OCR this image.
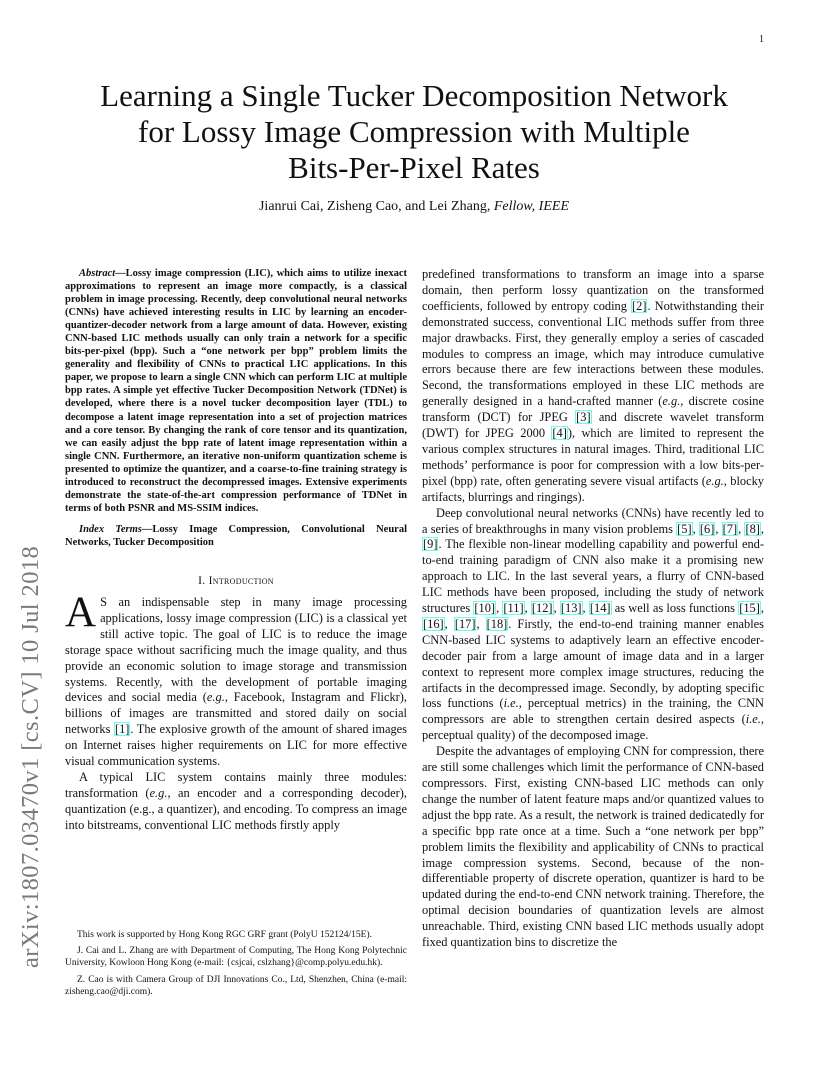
1
arXiv:1807.03470v1 [cs.CV] 10 Jul 2018
Learning a Single Tucker Decomposition Network
for Lossy Image Compression with Multiple
Bits-Per-Pixel Rates
Jianrui Cai, Zisheng Cao, and Lei Zhang, Fellow, IEEE

Abstract—Lossy image compression (LIC), which aims to utilize inexact approximations to represent an image more compactly, is a classical problem in image processing. Recently, deep convolutional neural networks (CNNs) have achieved interesting results in LIC by learning an encoder-quantizer-decoder network from a large amount of data. However, existing CNN-based LIC methods usually can only train a network for a specific bits-per-pixel (bpp). Such a “one network per bpp” problem limits the generality and flexibility of CNNs to practical LIC applications. In this paper, we propose to learn a single CNN which can perform LIC at multiple bpp rates. A simple yet effective Tucker Decomposition Network (TDNet) is developed, where there is a novel tucker decomposition layer (TDL) to decompose a latent image representation into a set of projection matrices and a core tensor. By changing the rank of core tensor and its quantization, we can easily adjust the bpp rate of latent image representation within a single CNN. Furthermore, an iterative non-uniform quantization scheme is presented to optimize the quantizer, and a coarse-to-fine training strategy is introduced to reconstruct the decompressed images. Extensive experiments demonstrate the state-of-the-art compression performance of TDNet in terms of both PSNR and MS-SSIM indices.

Index Terms—Lossy Image Compression, Convolutional Neural Networks, Tucker Decomposition

I. Introduction

A S an indispensable step in many image processing applications, lossy image compression (LIC) is a classical yet still active topic. The goal of LIC is to reduce the image storage space without sacrificing much the image quality, and thus provide an economic solution to image storage and transmission systems. Recently, with the development of portable imaging devices and social media (e.g., Facebook, Instagram and Flickr), billions of images are transmitted and stored daily on social networks [1]. The explosive growth of the amount of shared images on Internet raises higher requirements on LIC for more effective visual communication systems.

A typical LIC system contains mainly three modules: transformation (e.g., an encoder and a corresponding decoder), quantization (e.g., a quantizer), and encoding. To compress an image into bitstreams, conventional LIC methods firstly apply

This work is supported by Hong Kong RGC GRF grant (PolyU 152124/15E).

J. Cai and L. Zhang are with Department of Computing, The Hong Kong Polytechnic University, Kowloon Hong Kong (e-mail: {csjcai, cslzhang}@comp.polyu.edu.hk).

Z. Cao is with Camera Group of DJI Innovations Co., Ltd, Shenzhen, China (e-mail: zisheng.cao@dji.com).

predefined transformations to transform an image into a sparse domain, then perform lossy quantization on the transformed coefficients, followed by entropy coding [2]. Notwithstanding their demonstrated success, conventional LIC methods suffer from three major drawbacks. First, they generally employ a series of cascaded modules to compress an image, which may introduce cumulative errors because there are few interactions between these modules. Second, the transformations employed in these LIC methods are generally designed in a hand-crafted manner (e.g., discrete cosine transform (DCT) for JPEG [3] and discrete wavelet transform (DWT) for JPEG 2000 [4]), which are limited to represent the various complex structures in natural images. Third, traditional LIC methods’ performance is poor for compression with a low bits-per-pixel (bpp) rate, often generating severe visual artifacts (e.g., blocky artifacts, blurrings and ringings).

Deep convolutional neural networks (CNNs) have recently led to a series of breakthroughs in many vision problems [5], [6], [7], [8], [9]. The flexible non-linear modelling capability and powerful end-to-end training paradigm of CNN also make it a promising new approach to LIC. In the last several years, a flurry of CNN-based LIC methods have been proposed, including the study of network structures [10], [11], [12], [13], [14] as well as loss functions [15], [16], [17], [18]. Firstly, the end-to-end training manner enables CNN-based LIC systems to adaptively learn an effective encoder-decoder pair from a large amount of image data and in a larger context to represent more complex image structures, reducing the artifacts in the decompressed image. Secondly, by adopting specific loss functions (i.e., perceptual metrics) in the training, the CNN compressors are able to strengthen certain desired aspects (i.e., perceptual quality) of the decomposed image.

Despite the advantages of employing CNN for compression, there are still some challenges which limit the performance of CNN-based compressors. First, existing CNN-based LIC methods can only change the number of latent feature maps and/or quantized values to adjust the bpp rate. As a result, the network is trained dedicatedly for a specific bpp rate once at a time. Such a “one network per bpp” problem limits the flexibility and applicability of CNNs to practical image compression systems. Second, because of the non-differentiable property of discrete operation, quantizer is hard to be updated during the end-to-end CNN network training. Therefore, the optimal decision boundaries of quantization levels are almost unreachable. Third, existing CNN based LIC methods usually adopt fixed quantization bins to discretize the
